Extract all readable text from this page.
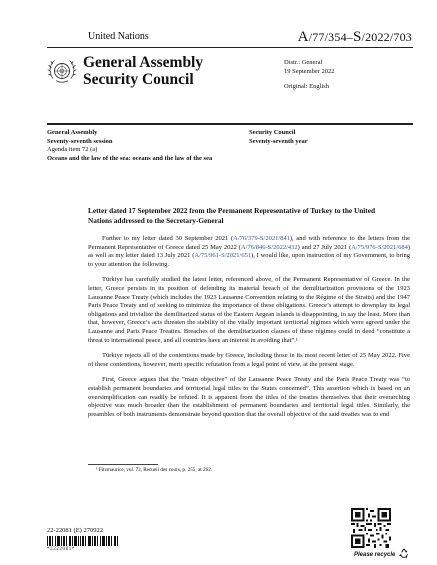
United Nations	A/77/354–S/2022/703
General Assembly
Security Council
Distr.: General
19 September 2022
Original: English
General Assembly
Seventy-seventh session
Agenda item 72 (a)
Oceans and the law of the sea: oceans and the law of the sea
Security Council
Seventy-seventh year
Letter dated 17 September 2022 from the Permanent Representative of Turkey to the United Nations addressed to the Secretary-General

Further to my letter dated 30 September 2021 (A/76/379-S/2021/841), and with reference to the letters from the Permanent Representative of Greece dated 25 May 2022 (A/76/846-S/2022/432) and 27 July 2021 (A/75/976-S/2021/684) as well as my letter dated 13 July 2021 (A/75/961-S/2021/651), I would like, upon instruction of my Government, to bring to your attention the following.

Türkiye has carefully studied the latest letter, referenced above, of the Permanent Representative of Greece. In the letter, Greece persists in its position of defending its material breach of the demilitarization provisions of the 1923 Lausanne Peace Treaty (which includes the 1923 Lausanne Convention relating to the Régime of the Straits) and the 1947 Paris Peace Treaty and of seeking to minimize the importance of these obligations. Greece’s attempt to downplay its legal obligations and trivialize the demilitarized status of the Eastern Aegean islands is disappointing, to say the least. More than that, however, Greece’s acts threaten the stability of the vitally important territorial régimes which were agreed under the Lausanne and Paris Peace Treaties. Breaches of the demilitarization clauses of these régimes could in deed “constitute a threat to international peace, and all countries have an interest in avoiding that”.¹

Türkiye rejects all of the contentions made by Greece, including those in its most recent letter of 25 May 2022. Five of these contentions, however, merit specific refutation from a legal point of view, at the present stage.

First, Greece argues that the “main objective” of the Lausanne Peace Treaty and the Paris Peace Treaty was “to establish permanent boundaries and territorial legal titles to the States concerned”. This assertion which is based on an oversimplification can readily be refuted. It is apparent from the titles of the treaties themselves that their overarching objective was much broader than the establishment of permanent boundaries and territorial legal titles. Similarly, the preambles of both instruments demonstrate beyond question that the overall objective of the said treaties was to end

¹ Fitzmaurice, vol. 73, Recueil des cours, p. 255, at 262.
22-22081 (E) 270922
*2222081*
Please recycle
